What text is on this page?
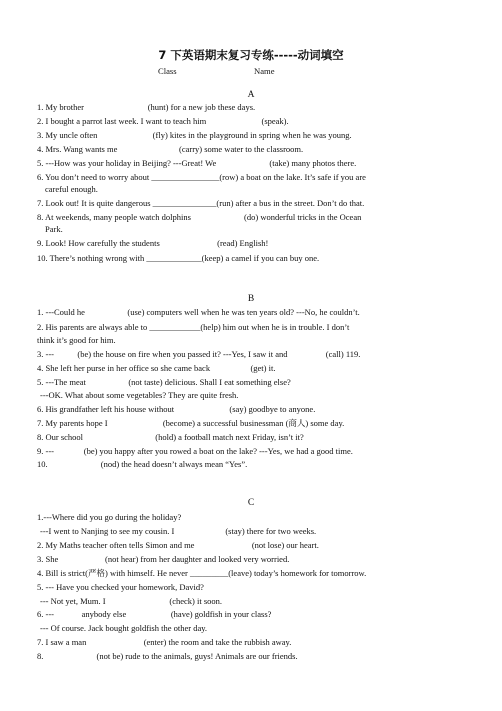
7 下英语期末复习专练-----动词填空
Class	Name
A
1. My brother                              (hunt) for a new job these days.
2. I bought a parrot last week. I want to teach him                          (speak).
3. My uncle often                          (fly) kites in the playground in spring when he was young.
4. Mrs. Wang wants me                             (carry) some water to the classroom.
5. ---How was your holiday in Beijing? ---Great! We                         (take) many photos there.
6. You don’t need to worry about ________________(row) a boat on the lake. It’s safe if you are
careful enough.
7. Look out! It is quite dangerous _______________(run) after a bus in the street. Don’t do that.
8. At weekends, many people watch dolphins                         (do) wonderful tricks in the Ocean
Park.
9. Look! How carefully the students                           (read) English!
10. There’s nothing wrong with _____________(keep) a camel if you can buy one.
B
1. ---Could he                    (use) computers well when he was ten years old? ---No, he couldn’t.
2. His parents are always able to ____________(help) him out when he is in trouble. I don’t
think it’s good for him.
3. ---           (be) the house on fire when you passed it? ---Yes, I saw it and                  (call) 119.
4. She left her purse in her office so she came back                   (get) it.
5. ---The meat                    (not taste) delicious. Shall I eat something else?
---OK. What about some vegetables? They are quite fresh.
6. His grandfather left his house without                          (say) goodbye to anyone.
7. My parents hope I                          (become) a successful businessman (商人) some day.
8. Our school                                  (hold) a football match next Friday, isn’t it?
9. ---              (be) you happy after you rowed a boat on the lake? ---Yes, we had a good time.
10.                         (nod) the head doesn’t always mean “Yes”.
C
1.---Where did you go during the holiday?
---I went to Nanjing to see my cousin. I                        (stay) there for two weeks.
2. My Maths teacher often tells Simon and me                           (not lose) our heart.
3. She                      (not hear) from her daughter and looked very worried.
4. Bill is strict(严格) with himself. He never _________(leave) today’s homework for tomorrow.
5. --- Have you checked your homework, David?
--- Not yet, Mum. I                              (check) it soon.
6. ---             anybody else                     (have) goldfish in your class?
--- Of course. Jack bought goldfish the other day.
7. I saw a man                           (enter) the room and take the rubbish away.
8.                         (not be) rude to the animals, guys! Animals are our friends.
